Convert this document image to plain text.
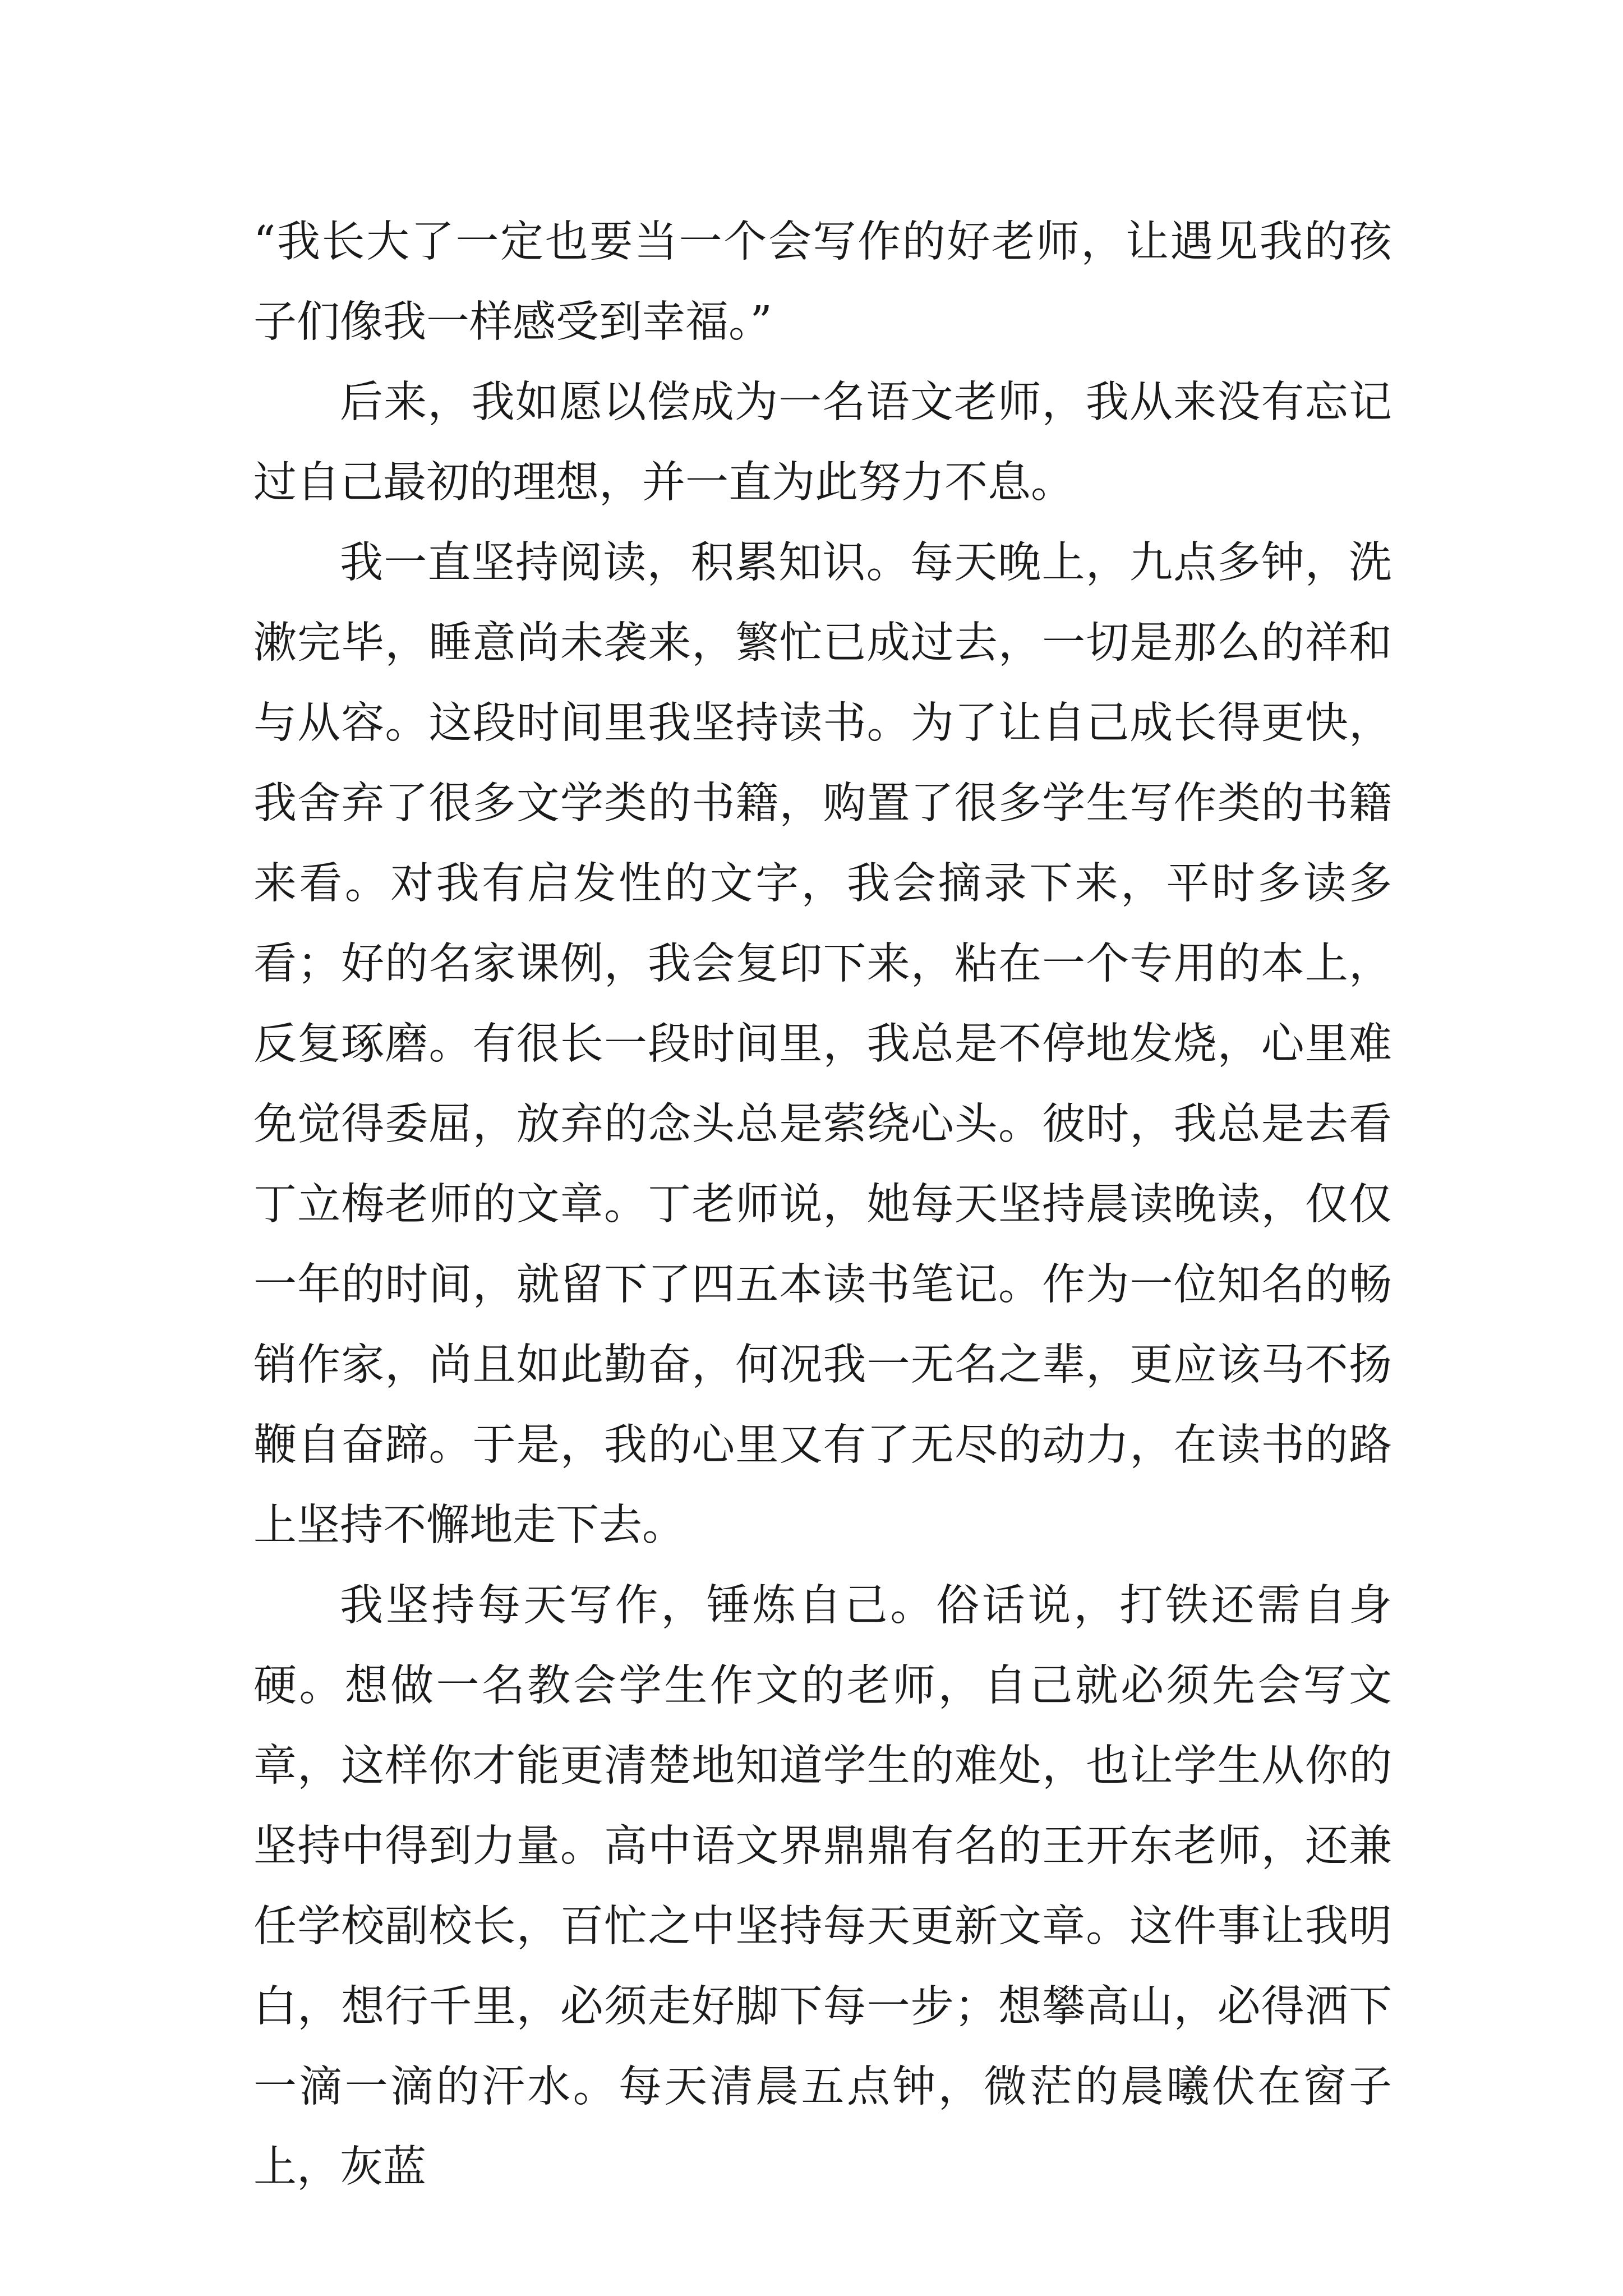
“我长大了一定也要当一个会写作的好老师，让遇见我的孩子们像我一样感受到幸福。”

后来，我如愿以偿成为一名语文老师，我从来没有忘记过自己最初的理想，并一直为此努力不息。

我一直坚持阅读，积累知识。每天晚上，九点多钟，洗漱完毕，睡意尚未袭来，繁忙已成过去，一切是那么的祥和与从容。这段时间里我坚持读书。为了让自己成长得更快，我舍弃了很多文学类的书籍，购置了很多学生写作类的书籍来看。对我有启发性的文字，我会摘录下来，平时多读多看；好的名家课例，我会复印下来，粘在一个专用的本上，反复琢磨。有很长一段时间里，我总是不停地发烧，心里难免觉得委屈，放弃的念头总是萦绕心头。彼时，我总是去看丁立梅老师的文章。丁老师说，她每天坚持晨读晚读，仅仅一年的时间，就留下了四五本读书笔记。作为一位知名的畅销作家，尚且如此勤奋，何况我一无名之辈，更应该马不扬鞭自奋蹄。于是，我的心里又有了无尽的动力，在读书的路上坚持不懈地走下去。

我坚持每天写作，锤炼自己。俗话说，打铁还需自身硬。想做一名教会学生作文的老师，自己就必须先会写文章，这样你才能更清楚地知道学生的难处，也让学生从你的坚持中得到力量。高中语文界鼎鼎有名的王开东老师，还兼任学校副校长，百忙之中坚持每天更新文章。这件事让我明白，想行千里，必须走好脚下每一步；想攀高山，必得洒下一滴一滴的汗水。每天清晨五点钟，微茫的晨曦伏在窗子上，灰蓝
